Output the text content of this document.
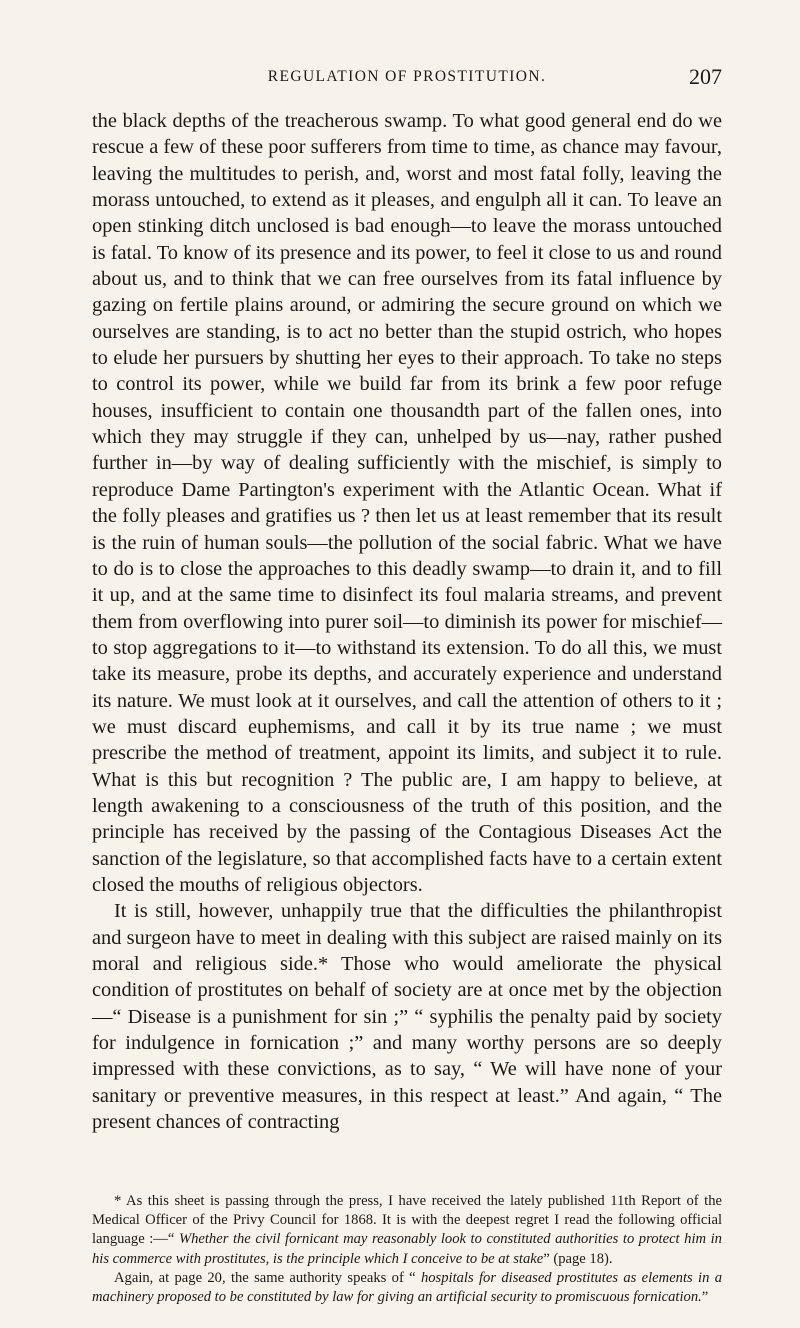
REGULATION OF PROSTITUTION.	207

the black depths of the treacherous swamp. To what good general end do we rescue a few of these poor sufferers from time to time, as chance may favour, leaving the multitudes to perish, and, worst and most fatal folly, leaving the morass untouched, to extend as it pleases, and engulph all it can. To leave an open stinking ditch unclosed is bad enough—to leave the morass untouched is fatal. To know of its presence and its power, to feel it close to us and round about us, and to think that we can free ourselves from its fatal influence by gazing on fertile plains around, or admiring the secure ground on which we ourselves are standing, is to act no better than the stupid ostrich, who hopes to elude her pursuers by shutting her eyes to their approach. To take no steps to control its power, while we build far from its brink a few poor refuge houses, insufficient to contain one thousandth part of the fallen ones, into which they may struggle if they can, unhelped by us—nay, rather pushed further in—by way of dealing sufficiently with the mischief, is simply to reproduce Dame Partington's experiment with the Atlantic Ocean. What if the folly pleases and gratifies us ? then let us at least remember that its result is the ruin of human souls—the pollution of the social fabric. What we have to do is to close the approaches to this deadly swamp—to drain it, and to fill it up, and at the same time to disinfect its foul malaria streams, and prevent them from overflowing into purer soil—to diminish its power for mischief—to stop aggregations to it—to withstand its extension. To do all this, we must take its measure, probe its depths, and accurately experience and understand its nature. We must look at it ourselves, and call the attention of others to it ; we must discard euphemisms, and call it by its true name ; we must prescribe the method of treatment, appoint its limits, and subject it to rule. What is this but recognition ? The public are, I am happy to believe, at length awakening to a consciousness of the truth of this position, and the principle has received by the passing of the Contagious Diseases Act the sanction of the legislature, so that accomplished facts have to a certain extent closed the mouths of religious objectors.

It is still, however, unhappily true that the difficulties the philanthropist and surgeon have to meet in dealing with this subject are raised mainly on its moral and religious side.* Those who would ameliorate the physical condition of prostitutes on behalf of society are at once met by the objection—“ Disease is a punishment for sin ;” “ syphilis the penalty paid by society for indulgence in fornication ;” and many worthy persons are so deeply impressed with these convictions, as to say, “ We will have none of your sanitary or preventive measures, in this respect at least.” And again, “ The present chances of contracting

* As this sheet is passing through the press, I have received the lately published 11th Report of the Medical Officer of the Privy Council for 1868. It is with the deepest regret I read the following official language :—“ Whether the civil fornicant may reasonably look to constituted authorities to protect him in his commerce with prostitutes, is the principle which I conceive to be at stake” (page 18).

Again, at page 20, the same authority speaks of “ hospitals for diseased prostitutes as elements in a machinery proposed to be constituted by law for giving an artificial security to promiscuous fornication.”
